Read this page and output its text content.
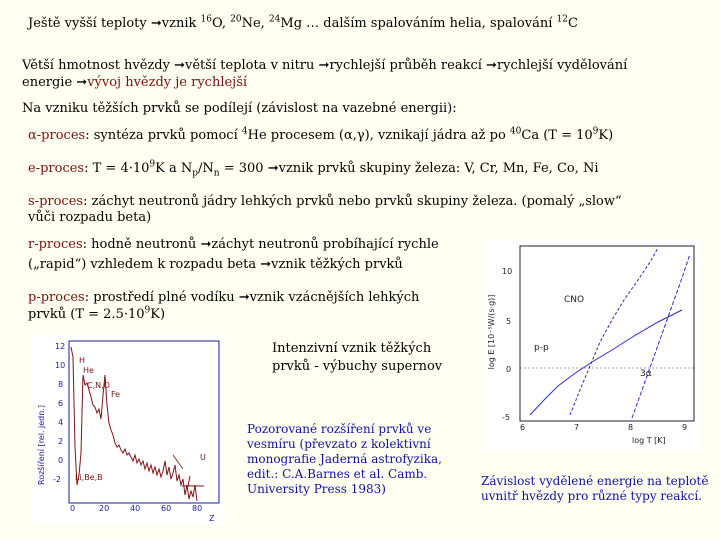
Ještě vyšší teploty ➞vznik $^{16}$O, $^{20}$Ne, $^{24}$Mg … dalším spalováním helia, spalování $^{12}$C
Větší hmotnost hvězdy ➞větší teplota v nitru ➞rychlejší průběh reakcí ➞rychlejší vydělování
energie ➞vývoj hvězdy je rychlejší
Na vzniku těžších prvků se podílejí (závislost na vazebné energii):
α-proces: syntéza prvků pomocí $^4$He procesem (α,γ), vznikají jádra až po $^{40}$Ca $(T = 10^9K)$
e-proces: $T = 4\cdot 10^9K$ a $N_p/N_n = 300$ ➞vznik prvků skupiny železa: V, Cr, Mn, Fe, Co, Ni
s-proces: záchyt neutronů jádry lehkých prvků nebo prvků skupiny železa. (pomalý „slow“
vůči rozpadu beta)
r-proces: hodně neutronů ➞záchyt neutronů probíhající rychle
(„rapid“) vzhledem k rozpadu beta ➞vznik těžkých prvků
p-proces: prostředí plné vodíku ➞vznik vzácnějších lehkých
prvků $(T = 2.5\cdot 10^9K)$
Intenzivní vznik těžkých
prvků - výbuchy supernov
Pozorované rozšíření prvků ve
vesmíru (převzato z kolektivní
monografie Jaderná astrofyzika,
edit.: C.A.Barnes et al. Camb.
University Press 1983)
Závislost vydělené energie na teplotě
uvnitř hvězdy pro různé typy reakcí.
Rozšíření [rel. jedn.]
12
10
8
6
4
2
0
-2
0	20	40	60	80
Z
H
He
C,N,O
Fe
U
Li,Be,B
log E [10⁻⁵W/(s·g)]
10
5
0
-5
6	7	8	9
log T [K]
CNO
p-p
3α
